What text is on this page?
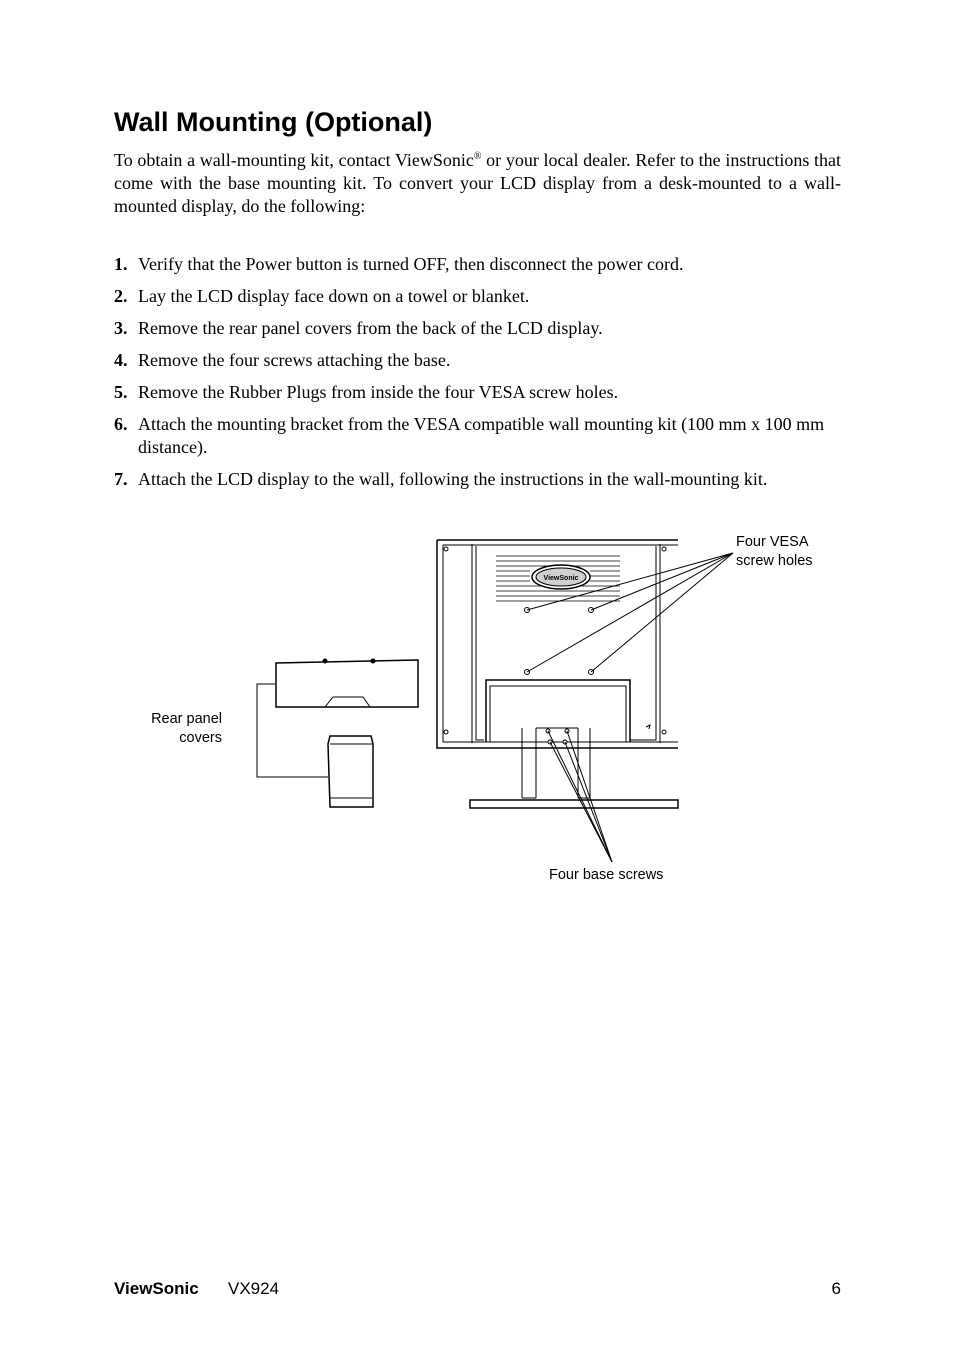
Wall Mounting (Optional)

To obtain a wall-mounting kit, contact ViewSonic® or your local dealer. Refer to the instructions that come with the base mounting kit. To convert your LCD display from a desk-mounted to a wall-mounted display, do the following:

1. Verify that the Power button is turned OFF, then disconnect the power cord.
2. Lay the LCD display face down on a towel or blanket.
3. Remove the rear panel covers from the back of the LCD display.
4. Remove the four screws attaching the base.
5. Remove the Rubber Plugs from inside the four VESA screw holes.
6. Attach the mounting bracket from the VESA compatible wall mounting kit (100 mm x 100 mm distance).
7. Attach the LCD display to the wall, following the instructions in the wall-mounting kit.
ViewSonic
Four VESA
screw holes
Rear panel
covers
Four base screws
ViewSonic VX924	6
